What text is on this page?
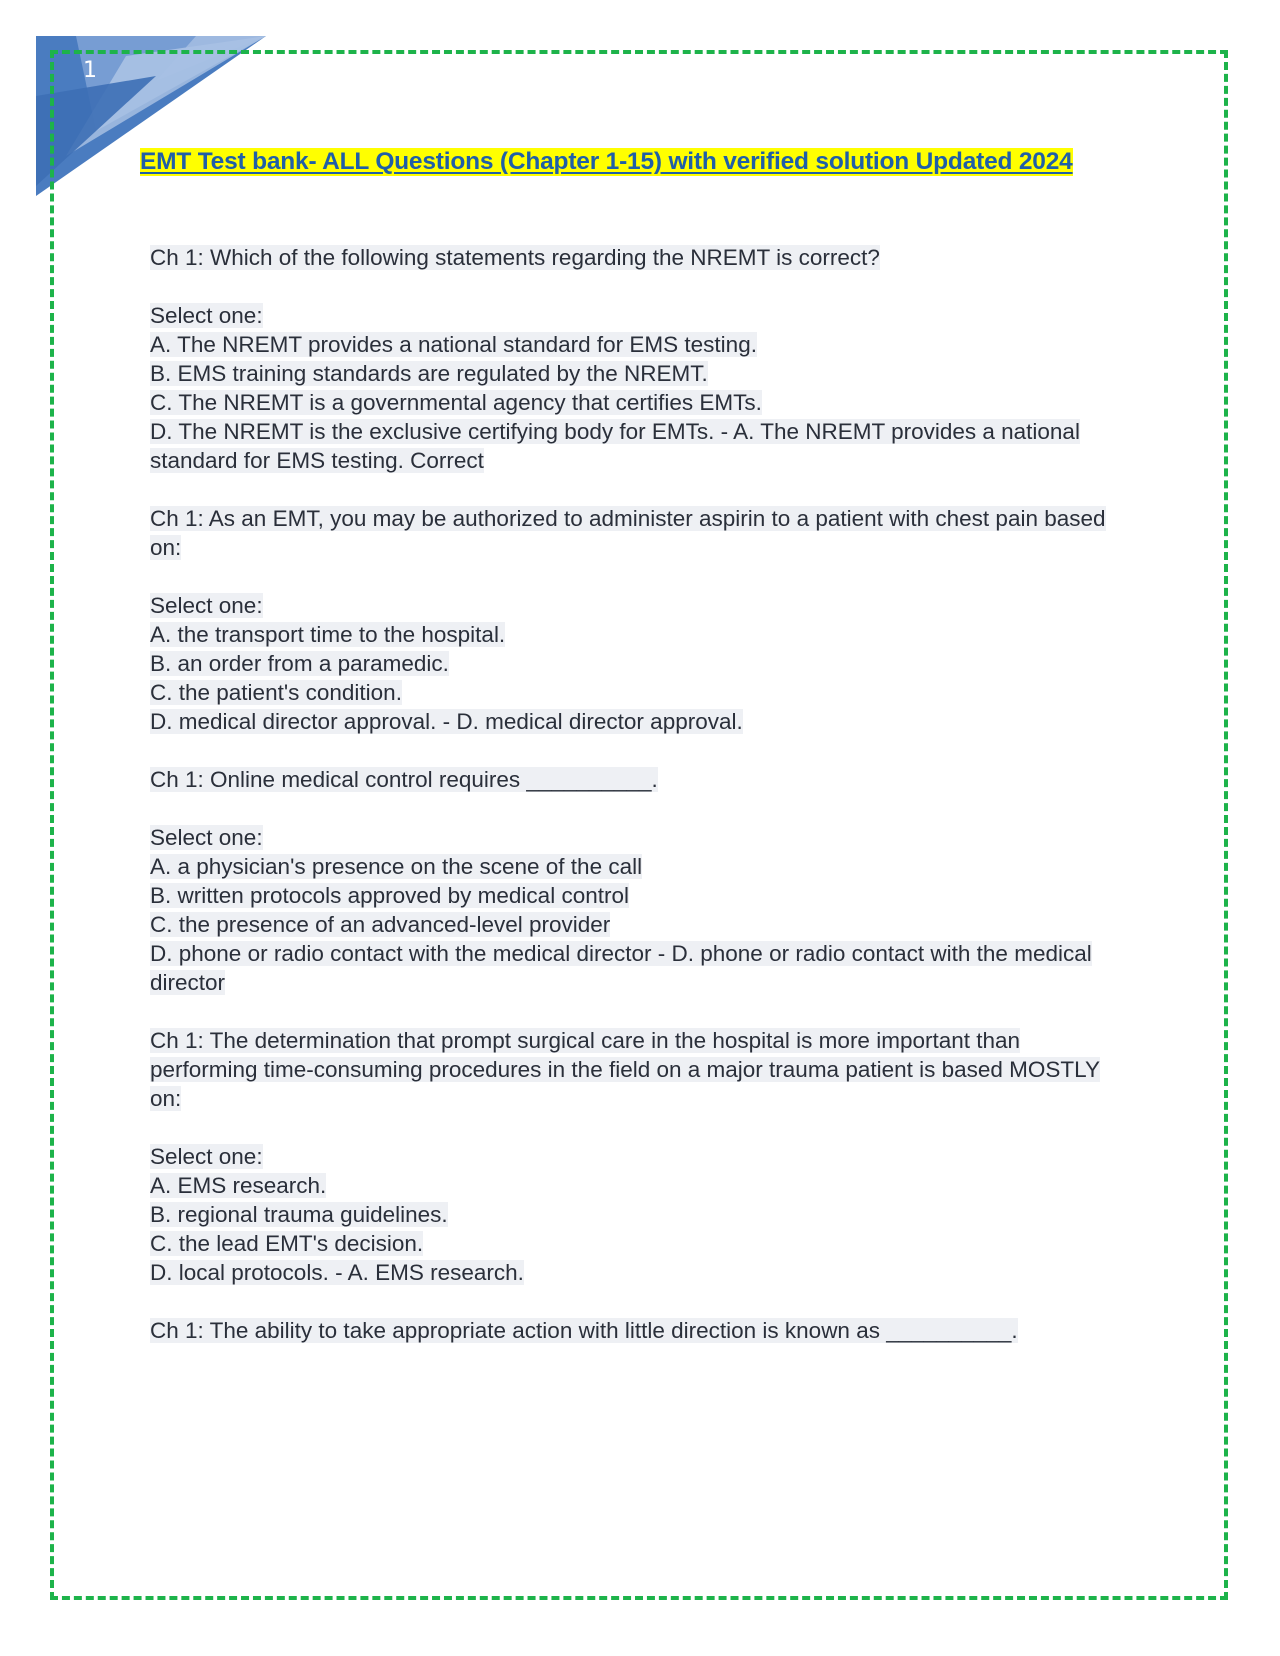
1

EMT Test bank- ALL Questions (Chapter 1-15) with verified solution Updated 2024
Ch 1: Which of the following statements regarding the NREMT is correct?
Select one:
A. The NREMT provides a national standard for EMS testing.
B. EMS training standards are regulated by the NREMT.
C. The NREMT is a governmental agency that certifies EMTs.
D. The NREMT is the exclusive certifying body for EMTs. - A. The NREMT provides a national standard for EMS testing. Correct
Ch 1: As an EMT, you may be authorized to administer aspirin to a patient with chest pain based on:
Select one:
A. the transport time to the hospital.
B. an order from a paramedic.
C. the patient's condition.
D. medical director approval. - D. medical director approval.
Ch 1: Online medical control requires __________.
Select one:
A. a physician's presence on the scene of the call
B. written protocols approved by medical control
C. the presence of an advanced-level provider
D. phone or radio contact with the medical director - D. phone or radio contact with the medical director
Ch 1: The determination that prompt surgical care in the hospital is more important than performing time-consuming procedures in the field on a major trauma patient is based MOSTLY on:
Select one:
A. EMS research.
B. regional trauma guidelines.
C. the lead EMT's decision.
D. local protocols. - A. EMS research.
Ch 1: The ability to take appropriate action with little direction is known as __________.
